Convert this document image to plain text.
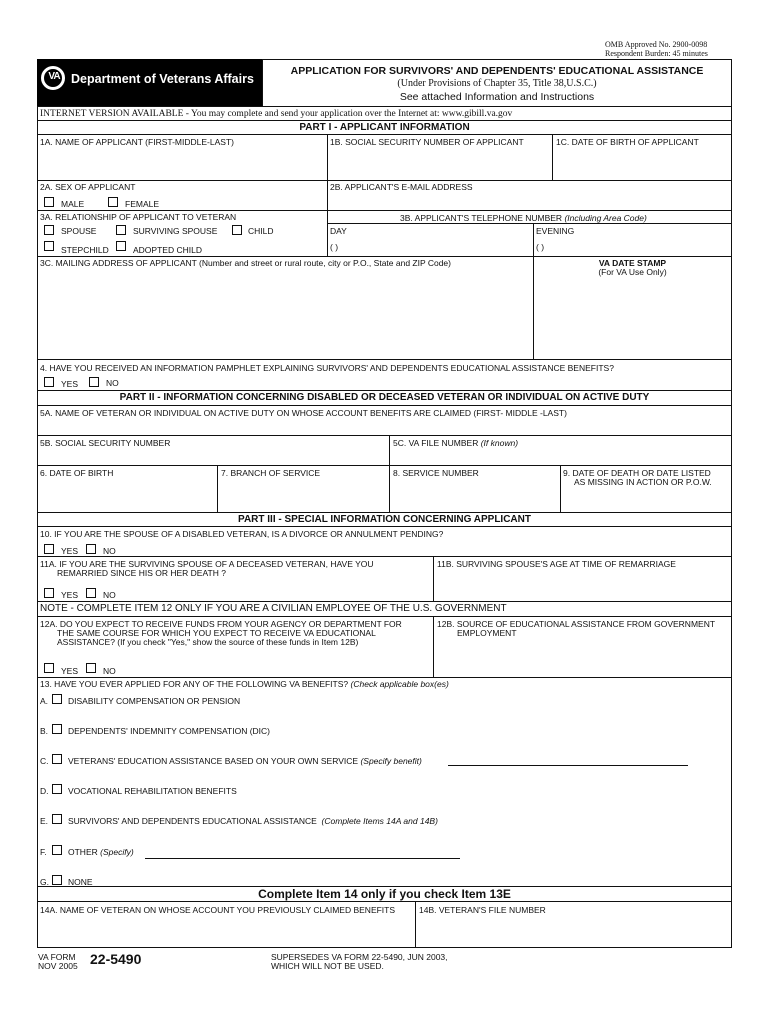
OMB Approved No. 2900-0098
Respondent Burden: 45 minutes
VA Department of Veterans Affairs
APPLICATION FOR SURVIVORS' AND DEPENDENTS' EDUCATIONAL ASSISTANCE
(Under Provisions of Chapter 35, Title 38,U.S.C.)
See attached Information and Instructions
INTERNET VERSION AVAILABLE - You may complete and send your application over the Internet at: www.gibill.va.gov
PART I - APPLICANT INFORMATION
1A. NAME OF APPLICANT (FIRST-MIDDLE-LAST)	1B. SOCIAL SECURITY NUMBER OF APPLICANT	1C. DATE OF BIRTH OF APPLICANT
2A. SEX OF APPLICANT
MALE	FEMALE
2B. APPLICANT'S E-MAIL ADDRESS
3A. RELATIONSHIP OF APPLICANT TO VETERAN
SPOUSE	SURVIVING SPOUSE	CHILD
STEPCHILD	ADOPTED CHILD
3B. APPLICANT'S TELEPHONE NUMBER (Including Area Code)
DAY
( )
EVENING
( )
3C. MAILING ADDRESS OF APPLICANT (Number and street or rural route, city or P.O., State and ZIP Code)	VA DATE STAMP
(For VA Use Only)
4. HAVE YOU RECEIVED AN INFORMATION PAMPHLET EXPLAINING SURVIVORS' AND DEPENDENTS EDUCATIONAL ASSISTANCE BENEFITS?
YES	NO
PART II - INFORMATION CONCERNING DISABLED OR DECEASED VETERAN OR INDIVIDUAL ON ACTIVE DUTY
5A. NAME OF VETERAN OR INDIVIDUAL ON ACTIVE DUTY ON WHOSE ACCOUNT BENEFITS ARE CLAIMED (FIRST- MIDDLE -LAST)
5B. SOCIAL SECURITY NUMBER	5C. VA FILE NUMBER (If known)
6. DATE OF BIRTH	7. BRANCH OF SERVICE	8. SERVICE NUMBER	9. DATE OF DEATH OR DATE LISTED
AS MISSING IN ACTION OR P.O.W.
PART III - SPECIAL INFORMATION CONCERNING APPLICANT
10. IF YOU ARE THE SPOUSE OF A DISABLED VETERAN, IS A DIVORCE OR ANNULMENT PENDING?
YES	NO
11A. IF YOU ARE THE SURVIVING SPOUSE OF A DECEASED VETERAN, HAVE YOU
REMARRIED SINCE HIS OR HER DEATH ?
YES	NO
11B. SURVIVING SPOUSE'S AGE AT TIME OF REMARRIAGE
NOTE - COMPLETE ITEM 12 ONLY IF YOU ARE A CIVILIAN EMPLOYEE OF THE U.S. GOVERNMENT
12A. DO YOU EXPECT TO RECEIVE FUNDS FROM YOUR AGENCY OR DEPARTMENT FOR
THE SAME COURSE FOR WHICH YOU EXPECT TO RECEIVE VA EDUCATIONAL
ASSISTANCE? (If you check "Yes," show the source of these funds in Item 12B)
YES	NO
12B. SOURCE OF EDUCATIONAL ASSISTANCE FROM GOVERNMENT
EMPLOYMENT
13. HAVE YOU EVER APPLIED FOR ANY OF THE FOLLOWING VA BENEFITS? (Check applicable box(es)
A. DISABILITY COMPENSATION OR PENSION
B. DEPENDENTS' INDEMNITY COMPENSATION (DIC)
C. VETERANS' EDUCATION ASSISTANCE BASED ON YOUR OWN SERVICE (Specify benefit)
D. VOCATIONAL REHABILITATION BENEFITS
E. SURVIVORS' AND DEPENDENTS EDUCATIONAL ASSISTANCE (Complete Items 14A and 14B)
F.	OTHER (Specify)
G. NONE
Complete Item 14 only if you check Item 13E
14A. NAME OF VETERAN ON WHOSE ACCOUNT YOU PREVIOUSLY CLAIMED BENEFITS	14B. VETERAN'S FILE NUMBER
VA FORM
NOV 2005 22-5490	SUPERSEDES VA FORM 22-5490, JUN 2003,
WHICH WILL NOT BE USED.
